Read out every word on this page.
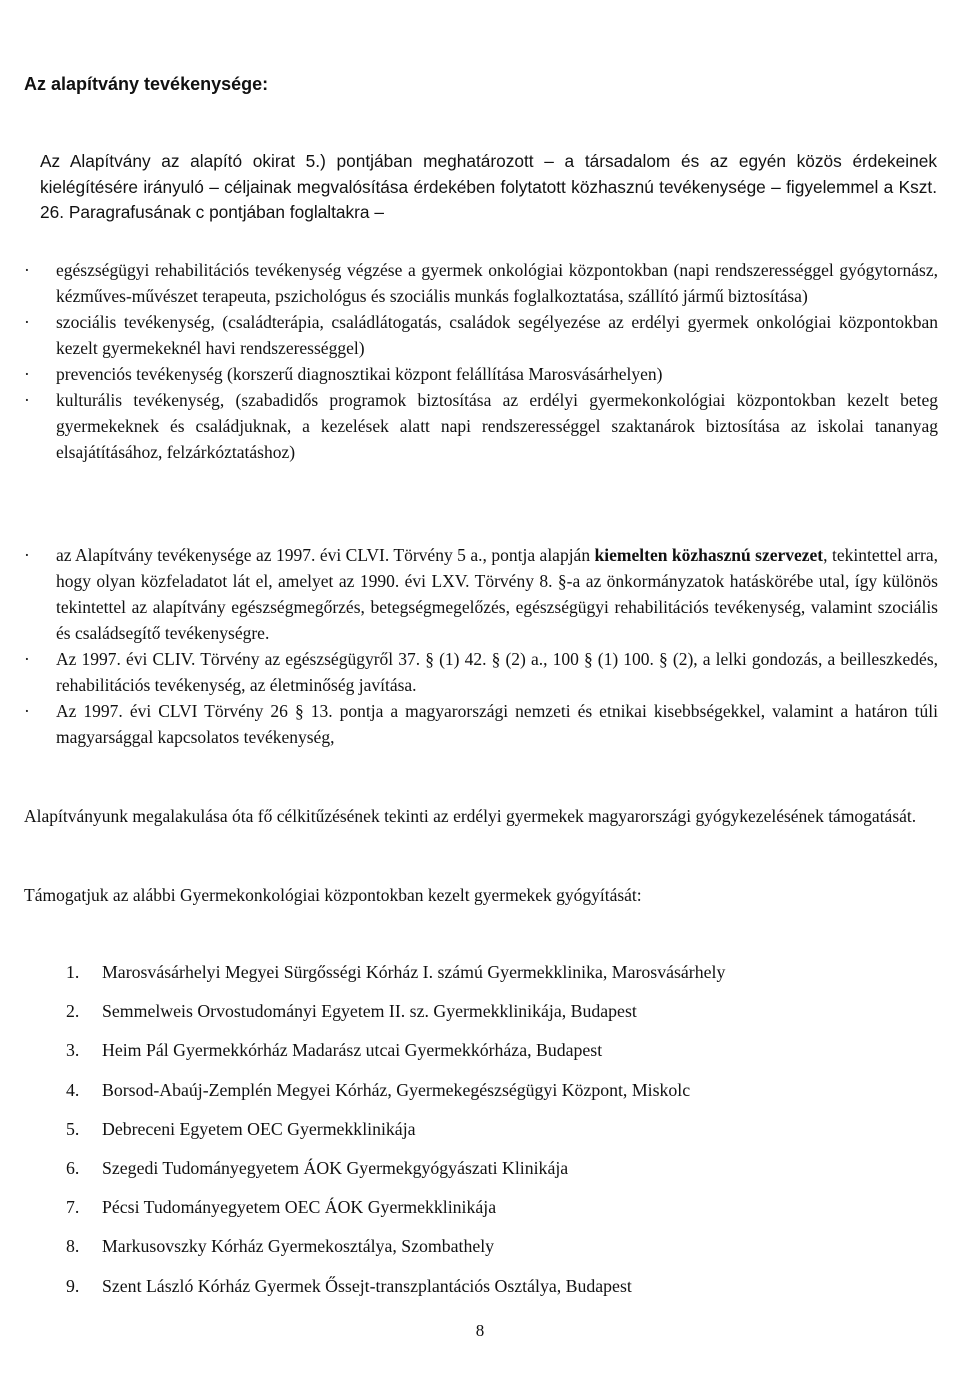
Az alapítvány tevékenysége:
Az Alapítvány az alapító okirat 5.) pontjában meghatározott – a társadalom és az egyén közös érdekeinek kielégítésére irányuló – céljainak megvalósítása érdekében folytatott közhasznú tevékenysége – figyelemmel a Kszt. 26. Paragrafusának c pontjában foglaltakra –
· egészségügyi rehabilitációs tevékenység végzése a gyermek onkológiai központokban (napi rendszerességgel gyógytornász, kézműves-művészet terapeuta, pszichológus és szociális munkás foglalkoztatása, szállító jármű biztosítása)
· szociális tevékenység, (családterápia, családlátogatás, családok segélyezése az erdélyi gyermek onkológiai központokban kezelt gyermekeknél havi rendszerességgel)
· prevenciós tevékenység (korszerű diagnosztikai központ felállítása Marosvásárhelyen)
· kulturális tevékenység, (szabadidős programok biztosítása az erdélyi gyermekonkológiai központokban kezelt beteg gyermekeknek és családjuknak, a kezelések alatt napi rendszerességgel szaktanárok biztosítása az iskolai tananyag elsajátításához, felzárkóztatáshoz)
· az Alapítvány tevékenysége az 1997. évi CLVI. Törvény 5 a., pontja alapján kiemelten közhasznú szervezet, tekintettel arra, hogy olyan közfeladatot lát el, amelyet az 1990. évi LXV. Törvény 8. §-a az önkormányzatok hatáskörébe utal, így különös tekintettel az alapítvány egészségmegőrzés, betegségmegelőzés, egészségügyi rehabilitációs tevékenység, valamint szociális és családsegítő tevékenységre.
· Az 1997. évi CLIV. Törvény az egészségügyről 37. § (1) 42. § (2) a., 100 § (1) 100. § (2), a lelki gondozás, a beilleszkedés, rehabilitációs tevékenység, az életminőség javítása.
· Az 1997. évi CLVI Törvény 26 § 13. pontja a magyarországi nemzeti és etnikai kisebbségekkel, valamint a határon túli magyarsággal kapcsolatos tevékenység,
Alapítványunk megalakulása óta fő célkitűzésének tekinti az erdélyi gyermekek magyarországi gyógykezelésének támogatását.
Támogatjuk az alábbi Gyermekonkológiai központokban kezelt gyermekek gyógyítását:
1.	Marosvásárhelyi Megyei Sürgősségi Kórház I. számú Gyermekklinika, Marosvásárhely
2.	Semmelweis Orvostudományi Egyetem II. sz. Gyermekklinikája, Budapest
3.	Heim Pál Gyermekkórház Madarász utcai Gyermekkórháza, Budapest
4.	Borsod-Abaúj-Zemplén Megyei Kórház, Gyermekegészségügyi Központ, Miskolc
5.	Debreceni Egyetem OEC Gyermekklinikája
6.	Szegedi Tudományegyetem ÁOK Gyermekgyógyászati Klinikája
7.	Pécsi Tudományegyetem OEC ÁOK Gyermekklinikája
8.	Markusovszky Kórház Gyermekosztálya, Szombathely
9.	Szent László Kórház Gyermek Őssejt-transzplantációs Osztálya, Budapest
8
